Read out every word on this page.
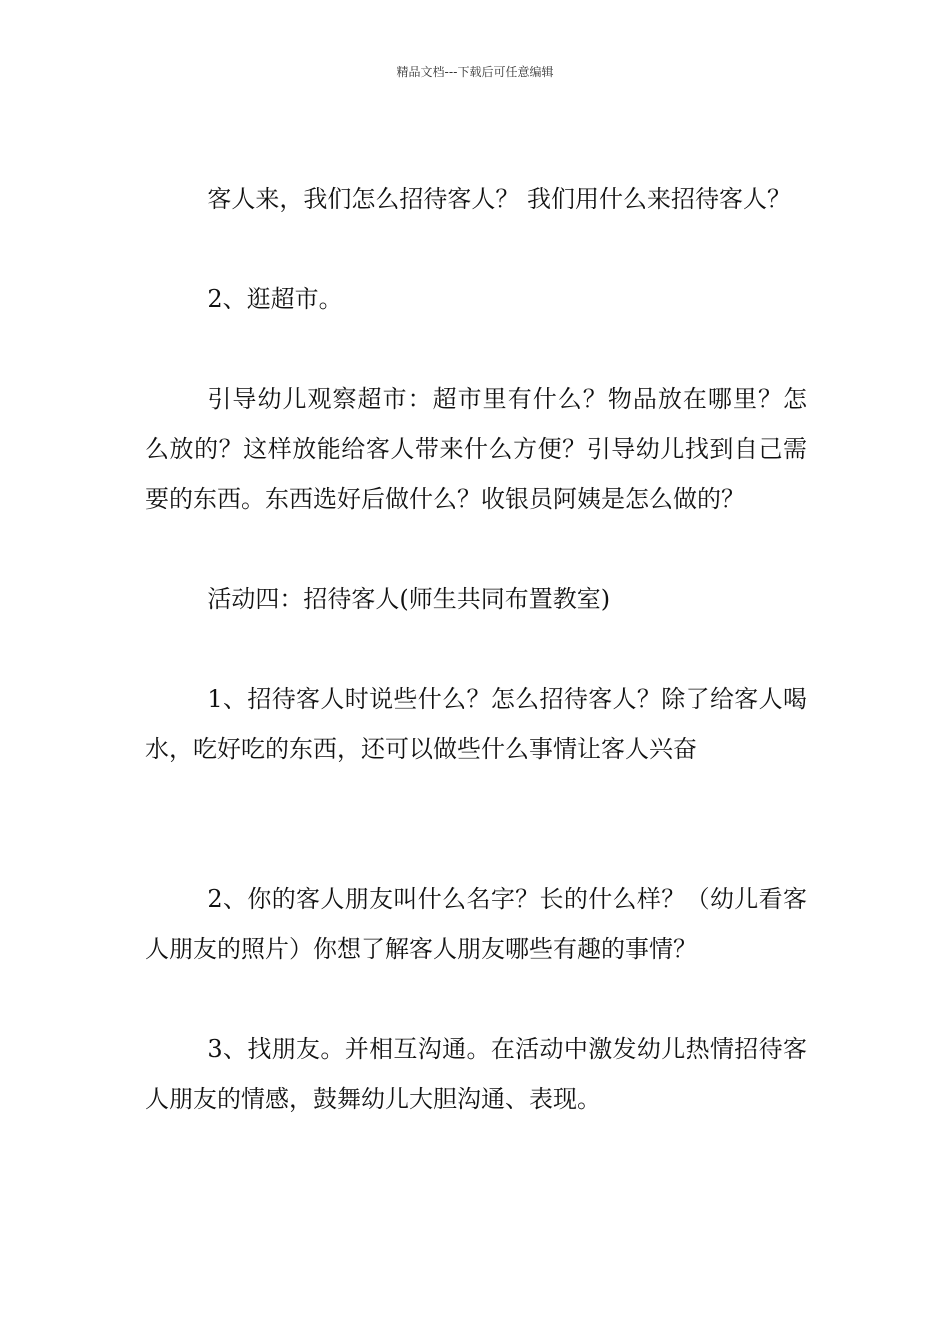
精品文档---下载后可任意编辑

客人来，我们怎么招待客人？ 我们用什么来招待客人？

2、逛超市。

引导幼儿观察超市：超市里有什么？物品放在哪里？怎么放的？这样放能给客人带来什么方便？引导幼儿找到自己需要的东西。东西选好后做什么？收银员阿姨是怎么做的？

活动四：招待客人(师生共同布置教室)

1、招待客人时说些什么？怎么招待客人？除了给客人喝水，吃好吃的东西，还可以做些什么事情让客人兴奋

2、你的客人朋友叫什么名字？长的什么样？（幼儿看客人朋友的照片）你想了解客人朋友哪些有趣的事情？

3、找朋友。并相互沟通。在活动中激发幼儿热情招待客人朋友的情感，鼓舞幼儿大胆沟通、表现。
